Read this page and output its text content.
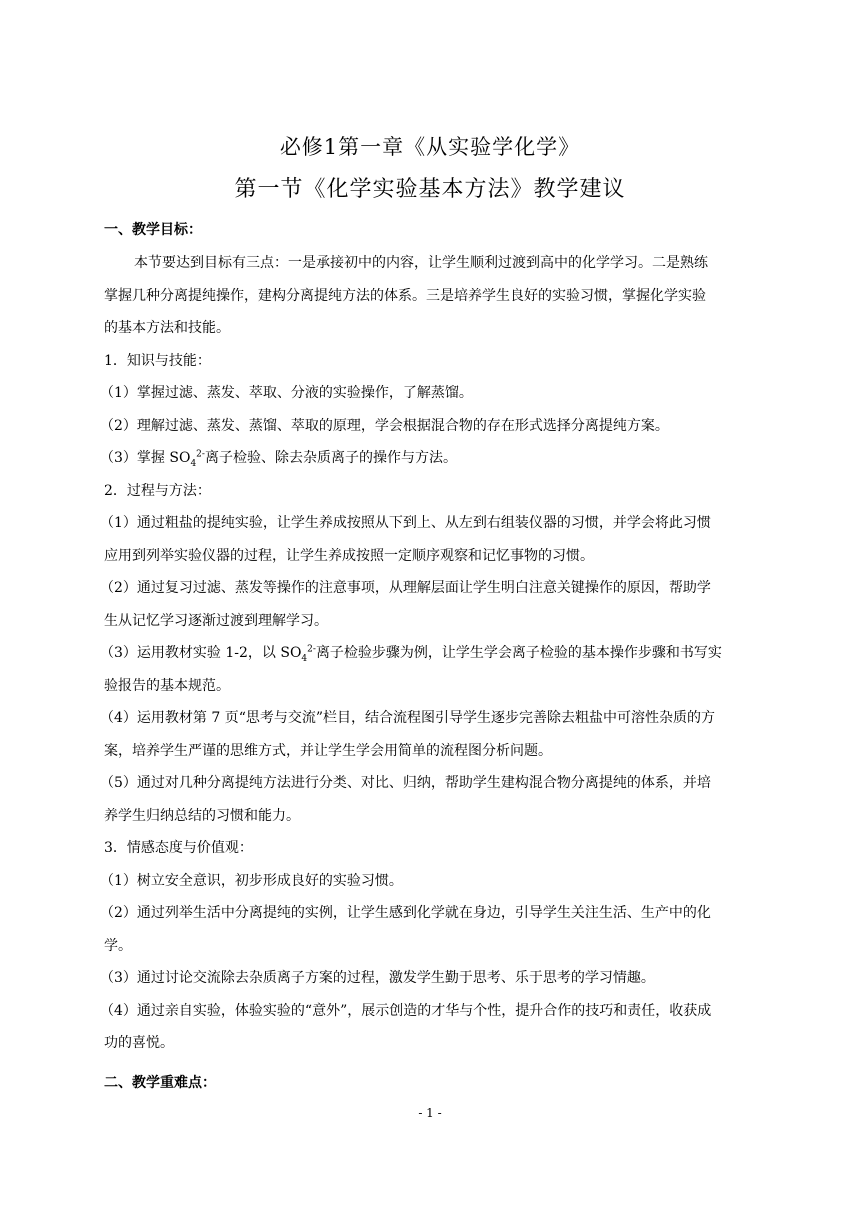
必修1第一章《从实验学化学》
第一节《化学实验基本方法》教学建议
一、教学目标：
本节要达到目标有三点：一是承接初中的内容，让学生顺利过渡到高中的化学学习。二是熟练
掌握几种分离提纯操作，建构分离提纯方法的体系。三是培养学生良好的实验习惯，掌握化学实验
的基本方法和技能。
1．知识与技能：
（1）掌握过滤、蒸发、萃取、分液的实验操作，了解蒸馏。
（2）理解过滤、蒸发、蒸馏、萃取的原理，学会根据混合物的存在形式选择分离提纯方案。
（3）掌握 $SO_4^{2-}$离子检验、除去杂质离子的操作与方法。
2．过程与方法：
（1）通过粗盐的提纯实验，让学生养成按照从下到上、从左到右组装仪器的习惯，并学会将此习惯
应用到列举实验仪器的过程，让学生养成按照一定顺序观察和记忆事物的习惯。
（2）通过复习过滤、蒸发等操作的注意事项，从理解层面让学生明白注意关键操作的原因，帮助学
生从记忆学习逐渐过渡到理解学习。
（3）运用教材实验 1-2，以 $SO_4^{2-}$离子检验步骤为例，让学生学会离子检验的基本操作步骤和书写实
验报告的基本规范。
（4）运用教材第 7 页“思考与交流”栏目，结合流程图引导学生逐步完善除去粗盐中可溶性杂质的方
案，培养学生严谨的思维方式，并让学生学会用简单的流程图分析问题。
（5）通过对几种分离提纯方法进行分类、对比、归纳，帮助学生建构混合物分离提纯的体系，并培
养学生归纳总结的习惯和能力。
3．情感态度与价值观：
（1）树立安全意识，初步形成良好的实验习惯。
（2）通过列举生活中分离提纯的实例，让学生感到化学就在身边，引导学生关注生活、生产中的化
学。
（3）通过讨论交流除去杂质离子方案的过程，激发学生勤于思考、乐于思考的学习情趣。
（4）通过亲自实验，体验实验的“意外”，展示创造的才华与个性，提升合作的技巧和责任，收获成
功的喜悦。
二、教学重难点：
- 1 -
